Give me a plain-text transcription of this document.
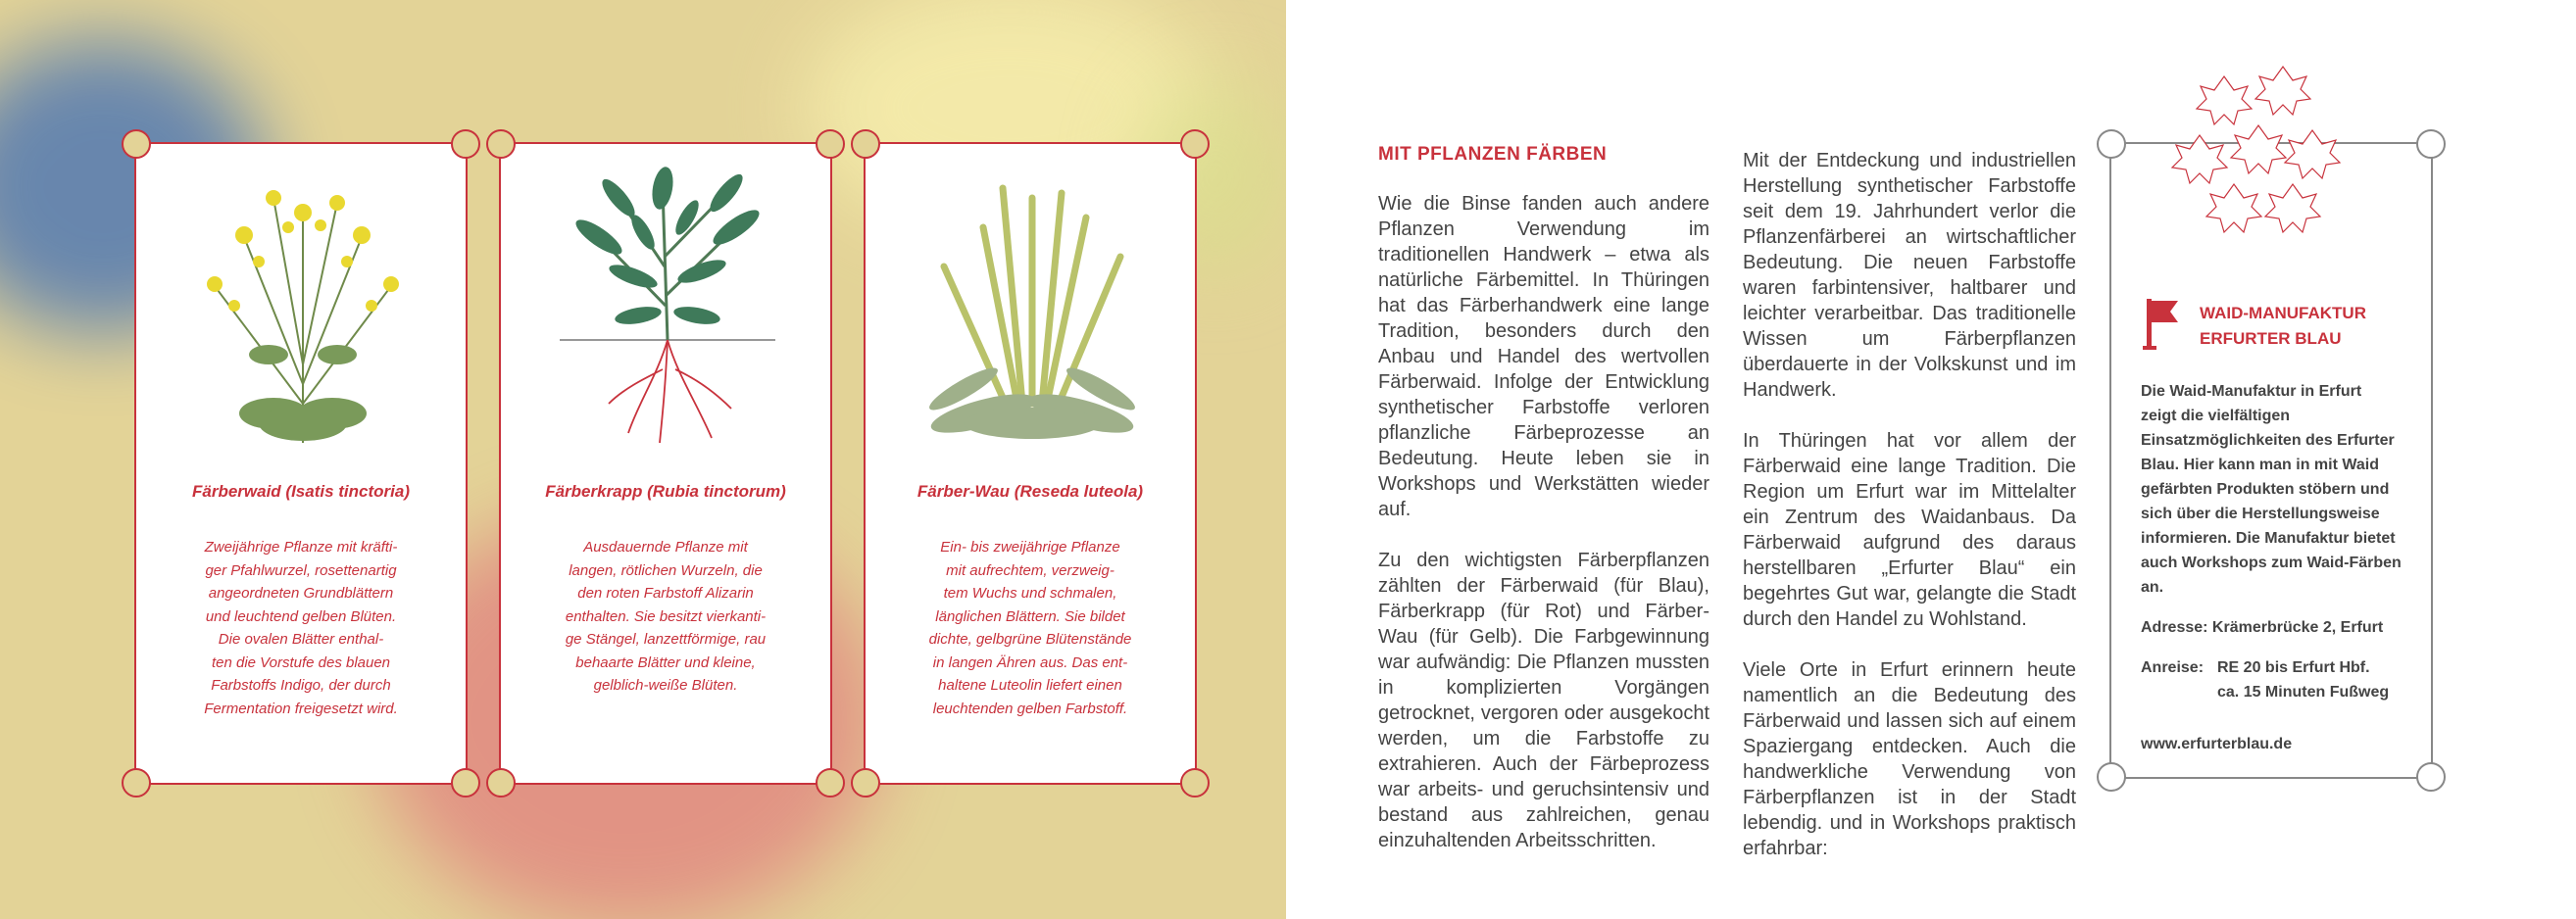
Färberwaid (Isatis tinctoria)
Zweijährige Pflanze mit kräfti-
ger Pfahlwurzel, rosettenartig
angeordneten Grundblättern
und leuchtend gelben Blüten.
Die ovalen Blätter enthal-
ten die Vorstufe des blauen
Farbstoffs Indigo, der durch
Fermentation freigesetzt wird.
Färberkrapp (Rubia tinctorum)
Ausdauernde Pflanze mit
langen, rötlichen Wurzeln, die
den roten Farbstoff Alizarin
enthalten. Sie besitzt vierkanti-
ge Stängel, lanzettförmige, rau
behaarte Blätter und kleine,
gelblich-weiße Blüten.
Färber-Wau (Reseda luteola)
Ein- bis zweijährige Pflanze
mit aufrechtem, verzweig-
tem Wuchs und schmalen,
länglichen Blättern. Sie bildet
dichte, gelbgrüne Blütenstände
in langen Ähren aus. Das ent-
haltene Luteolin liefert einen
leuchtenden gelben Farbstoff.

MIT PFLANZEN FÄRBEN

Wie die Binse fanden auch andere Pflanzen Verwendung im traditionellen Handwerk – etwa als natürliche Färbemittel. In Thüringen hat das Färberhandwerk eine lange Tradition, besonders durch den Anbau und Handel des wertvollen Färberwaid. Infolge der Entwicklung synthetischer Farbstoffe verloren pflanzliche Färbeprozesse an Bedeutung. Heute leben sie in Workshops und Werkstätten wieder auf.

Zu den wichtigsten Färberpflanzen zählten der Färberwaid (für Blau), Färberkrapp (für Rot) und Färber-Wau (für Gelb). Die Farbgewinnung war aufwändig: Die Pflanzen mussten in komplizierten Vorgängen getrocknet, vergoren oder ausgekocht werden, um die Farbstoffe zu extrahieren. Auch der Färbeprozess war arbeits- und geruchsintensiv und bestand aus zahlreichen, genau einzuhaltenden Arbeitsschritten.

Mit der Entdeckung und industriellen Herstellung synthetischer Farbstoffe seit dem 19. Jahrhundert verlor die Pflanzenfärberei an wirtschaftlicher Bedeutung. Die neuen Farbstoffe waren farbintensiver, haltbarer und leichter verarbeitbar. Das traditionelle Wissen um Färberpflanzen überdauerte in der Volkskunst und im Handwerk.

In Thüringen hat vor allem der Färberwaid eine lange Tradition. Die Region um Erfurt war im Mittelalter ein Zentrum des Waidanbaus. Da Färberwaid aufgrund des daraus herstellbaren „Erfurter Blau“ ein begehrtes Gut war, gelangte die Stadt durch den Handel zu Wohlstand.

Viele Orte in Erfurt erinnern heute namentlich an die Bedeutung des Färberwaid und lassen sich auf einem Spaziergang entdecken. Auch die handwerkliche Verwendung von Färberpflanzen ist in der Stadt lebendig. und in Workshops praktisch erfahrbar:

WAID-MANUFAKTUR
ERFURTER BLAU

Die Waid-Manufaktur in Erfurt zeigt die vielfältigen Einsatzmöglichkeiten des Erfurter Blau. Hier kann man in mit Waid gefärbten Produkten stöbern und sich über die Herstellungsweise informieren. Die Manufaktur bietet auch Workshops zum Waid-Färben an.

Adresse: Krämerbrücke 2, Erfurt

Anreise: RE 20 bis Erfurt Hbf.
ca. 15 Minuten Fußweg

www.erfurterblau.de
